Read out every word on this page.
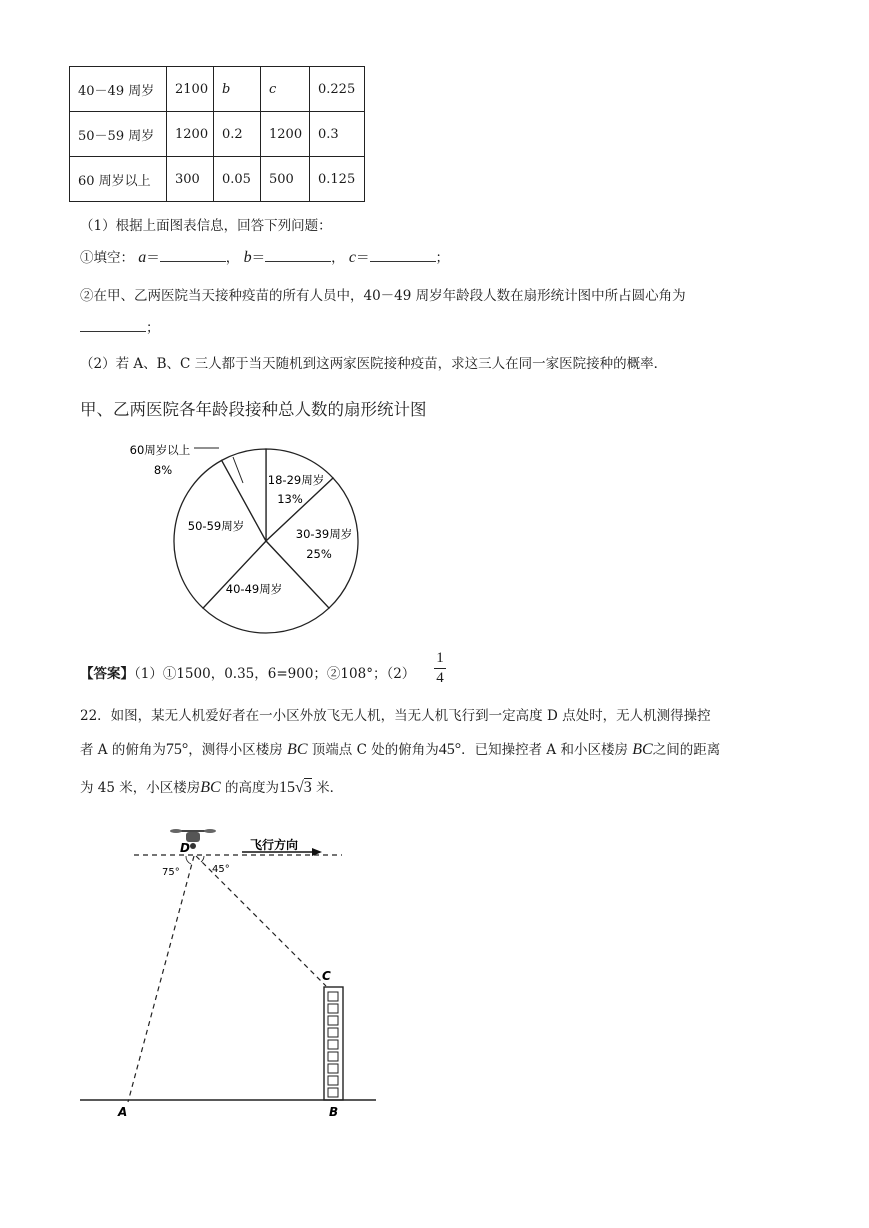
40－49 周岁	2100	b	c	0.225
50－59 周岁	1200	0.2	1200	0.3
60 周岁以上	300	0.05	500	0.125
（1）根据上面图表信息，回答下列问题：
①填空： a＝	， b＝	， c＝	；
②在甲、乙两医院当天接种疫苗的所有人员中，40－49 周岁年龄段人数在扇形统计图中所占圆心角为
；
（2）若 A、B、C 三人都于当天随机到这两家医院接种疫苗，求这三人在同一家医院接种的概率．
甲、乙两医院各年龄段接种总人数的扇形统计图
60周岁以上
8%
18-29周岁
13%
30-39周岁
25%
40-49周岁
50-59周岁
【答案】（1）①1500，0.35，6=900；②108°；（2）
1
4
22．如图，某无人机爱好者在一小区外放飞无人机，当无人机飞行到一定高度 D 点处时，无人机测得操控
者 A 的俯角为75°，测得小区楼房 BC 顶端点 C 处的俯角为45°．已知操控者 A 和小区楼房 BC之间的距离
为 45 米，小区楼房BC 的高度为15√3 米．
飞行方向
D
75°	45°
C
A	B
